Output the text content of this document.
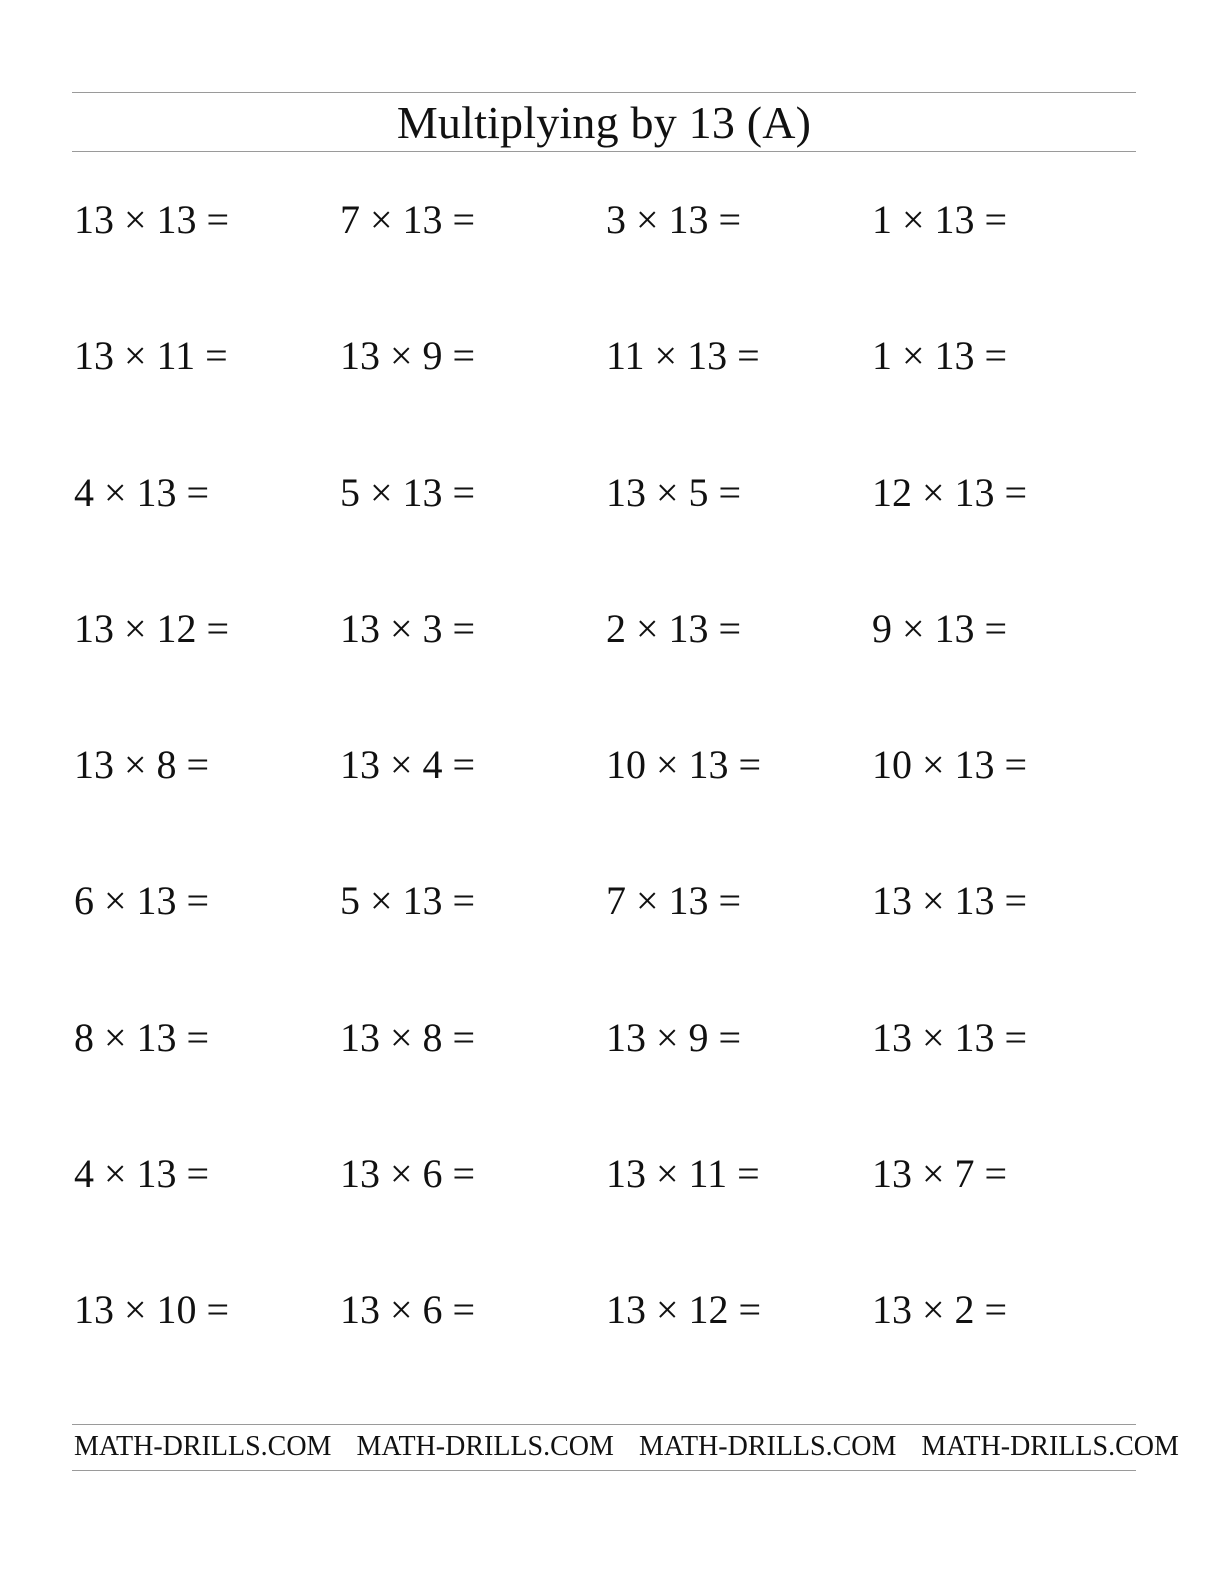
Multiplying by 13 (A)
13 × 13 =	7 × 13 =	3 × 13 =	1 × 13 =
13 × 11 =	13 × 9 =	11 × 13 =	1 × 13 =
4 × 13 =	5 × 13 =	13 × 5 =	12 × 13 =
13 × 12 =	13 × 3 =	2 × 13 =	9 × 13 =
13 × 8 =	13 × 4 =	10 × 13 =	10 × 13 =
6 × 13 =	5 × 13 =	7 × 13 =	13 × 13 =
8 × 13 =	13 × 8 =	13 × 9 =	13 × 13 =
4 × 13 =	13 × 6 =	13 × 11 =	13 × 7 =
13 × 10 =	13 × 6 =	13 × 12 =	13 × 2 =
MATH-DRILLS.COM MATH-DRILLS.COM MATH-DRILLS.COM MATH-DRILLS.COM
